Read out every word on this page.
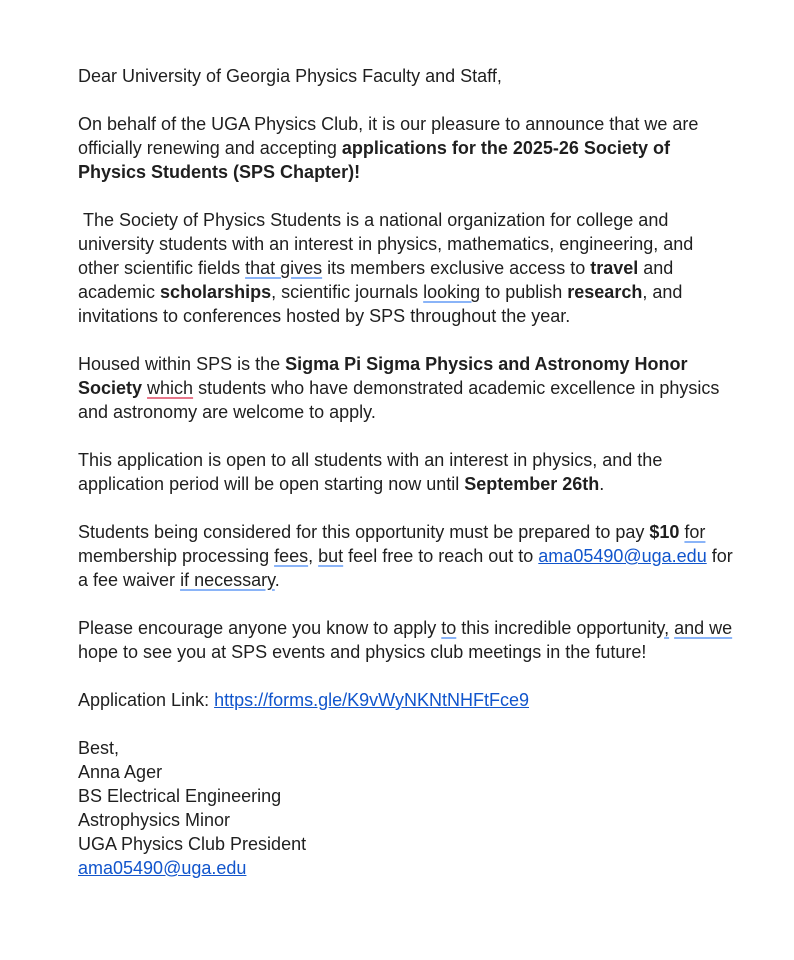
Dear University of Georgia Physics Faculty and Staff,

On behalf of the UGA Physics Club, it is our pleasure to announce that we are officially renewing and accepting applications for the 2025-26 Society of Physics Students (SPS Chapter)!

The Society of Physics Students is a national organization for college and university students with an interest in physics, mathematics, engineering, and other scientific fields that gives its members exclusive access to travel and academic scholarships, scientific journals looking to publish research, and invitations to conferences hosted by SPS throughout the year.

Housed within SPS is the Sigma Pi Sigma Physics and Astronomy Honor Society which students who have demonstrated academic excellence in physics and astronomy are welcome to apply.

This application is open to all students with an interest in physics, and the application period will be open starting now until September 26th.

Students being considered for this opportunity must be prepared to pay $10 for membership processing fees, but feel free to reach out to ama05490@uga.edu for a fee waiver if necessary.

Please encourage anyone you know to apply to this incredible opportunity, and we hope to see you at SPS events and physics club meetings in the future!

Application Link: https://forms.gle/K9vWyNKNtNHFtFce9

Best,
Anna Ager
BS Electrical Engineering
Astrophysics Minor
UGA Physics Club President
ama05490@uga.edu
